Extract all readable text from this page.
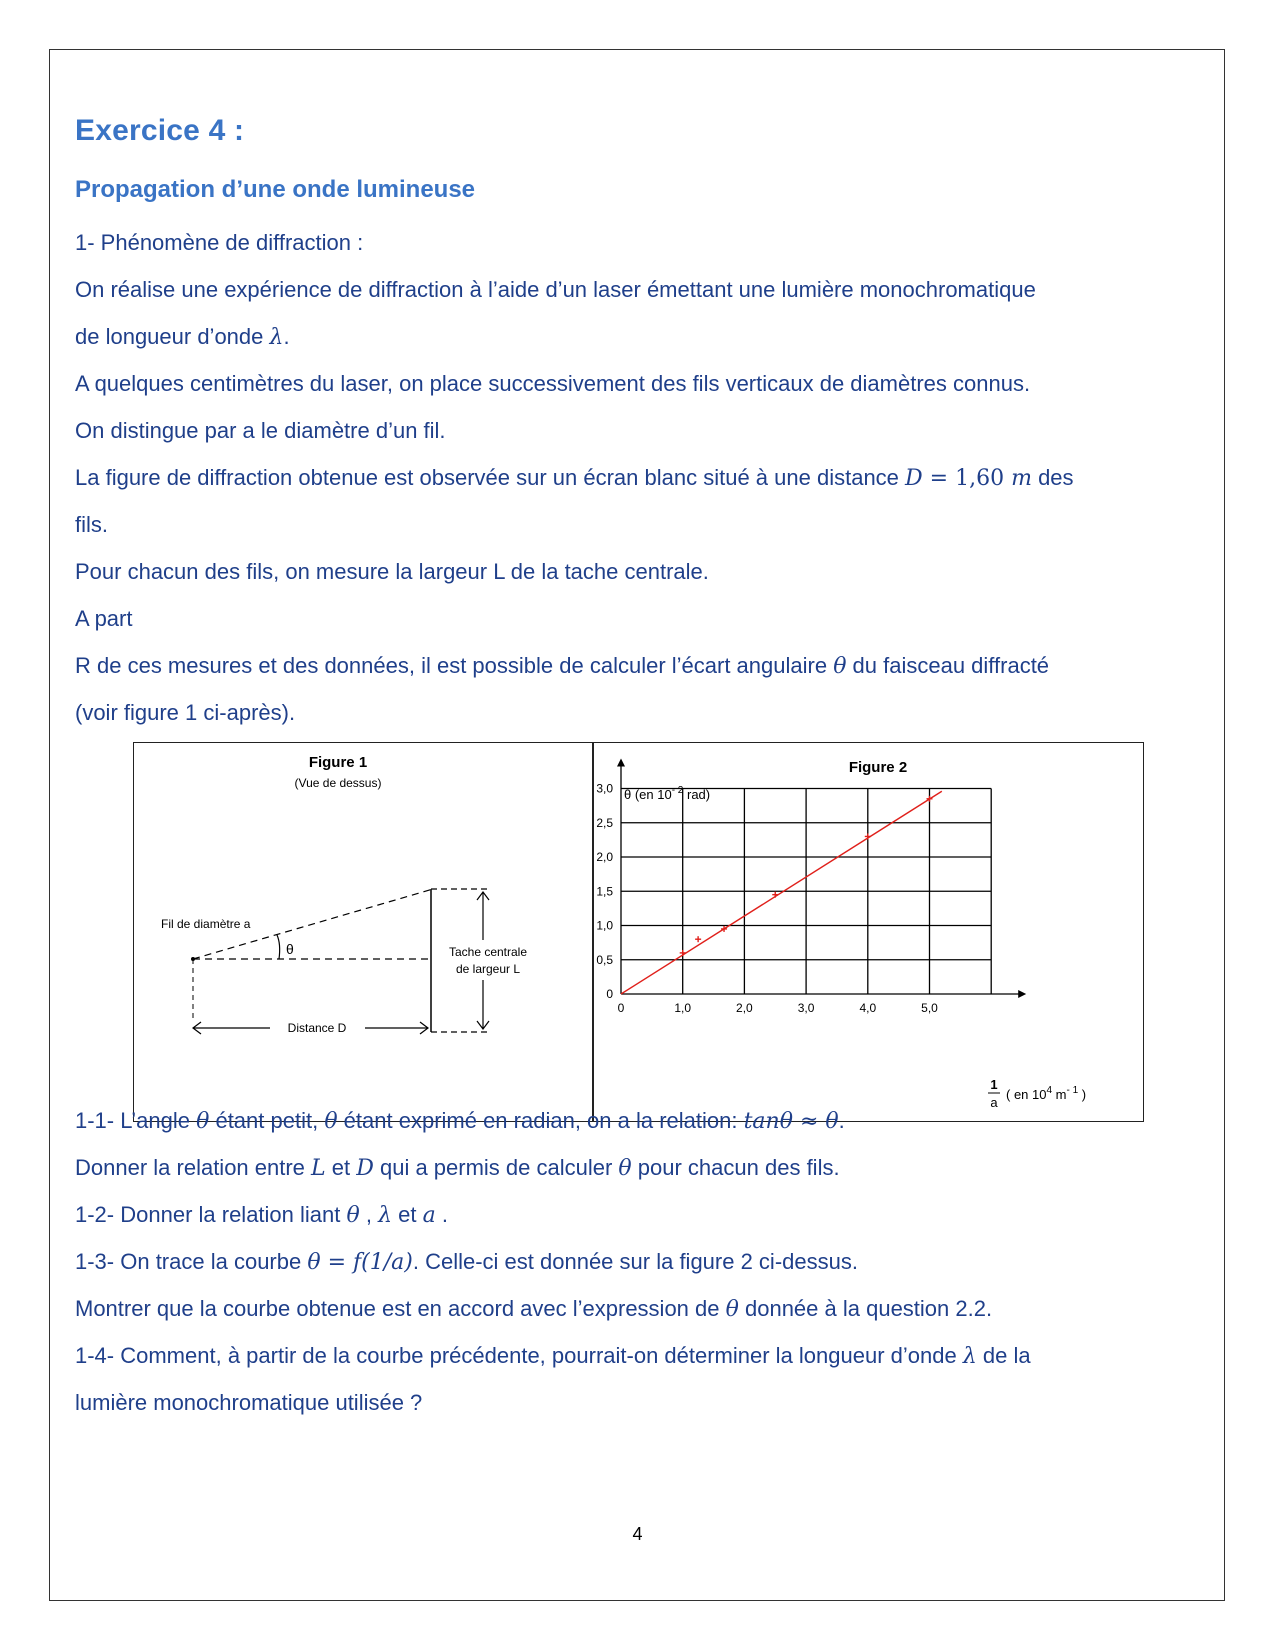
Exercice 4 :
Propagation d’une onde lumineuse
1- Phénomène de diffraction :
On réalise une expérience de diffraction à l’aide d’un laser émettant une lumière monochromatique
de longueur d’onde λ.
A quelques centimètres du laser, on place successivement des fils verticaux de diamètres connus.
On distingue par a le diamètre d’un fil.
La figure de diffraction obtenue est observée sur un écran blanc situé à une distance D = 1,60 m des
fils.
Pour chacun des fils, on mesure la largeur L de la tache centrale.
A part
R de ces mesures et des données, il est possible de calculer l’écart angulaire θ du faisceau diffracté
(voir figure 1 ci-après).
Figure 1
(Vue de dessus)
θ
Fil de diamètre a
Tache centrale
de largeur L
Distance D
Figure 2
θ (en $10^{- 2}$ rad)
0	1,0	2,0	3,0	4,0	5,0
0
0,5
1,0
1,5
2,0
2,5
3,0
1
a
( en $10^4$ $m^{- 1}$ )
1-1- L’angle θ étant petit, θ étant exprimé en radian, on a la relation: tanθ ≈ θ.
Donner la relation entre L et D qui a permis de calculer θ pour chacun des fils.
1-2- Donner la relation liant θ , λ et a .
1-3- On trace la courbe θ = f(1/a). Celle-ci est donnée sur la figure 2 ci-dessus.
Montrer que la courbe obtenue est en accord avec l’expression de θ donnée à la question 2.2.
1-4- Comment, à partir de la courbe précédente, pourrait-on déterminer la longueur d’onde λ de la
lumière monochromatique utilisée ?
4
